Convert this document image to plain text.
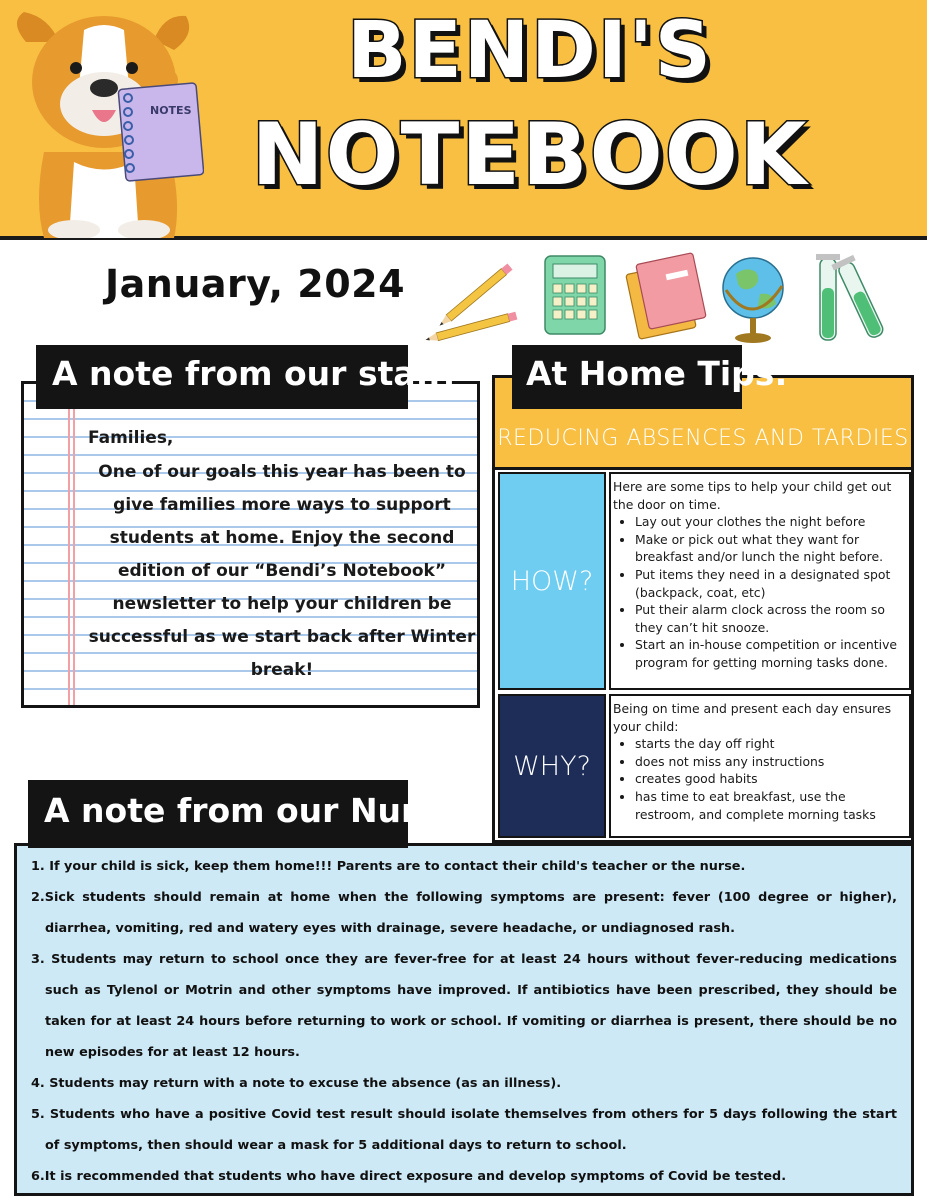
NOTES
BENDI'S
NOTEBOOK
January, 2024
Families,
One of our goals this year has been to give families more ways to support students at home. Enjoy the second edition of our “Bendi’s Notebook” newsletter to help your children be successful as we start back after Winter break!
A note from our staff:
REDUCING ABSENCES AND TARDIES
HOW?
Here are some tips to help your child get out the door on time.
• Lay out your clothes the night before
• Make or pick out what they want for breakfast and/or lunch the night before.
• Put items they need in a designated spot (backpack, coat, etc)
• Put their alarm clock across the room so they can’t hit snooze.
• Start an in-house competition or incentive program for getting morning tasks done.
WHY?
Being on time and present each day ensures your child:
• starts the day off right
• does not miss any instructions
• creates good habits
• has time to eat breakfast, use the restroom, and complete morning tasks
At Home Tips:
1. If your child is sick, keep them home!!! Parents are to contact their child's teacher or the nurse.
2.Sick students should remain at home when the following symptoms are present: fever (100 degree or higher), diarrhea, vomiting, red and watery eyes with drainage, severe headache, or undiagnosed rash.
3. Students may return to school once they are fever-free for at least 24 hours without fever-reducing medications such as Tylenol or Motrin and other symptoms have improved. If antibiotics have been prescribed, they should be taken for at least 24 hours before returning to work or school. If vomiting or diarrhea is present, there should be no new episodes for at least 12 hours.
4. Students may return with a note to excuse the absence (as an illness).
5. Students who have a positive Covid test result should isolate themselves from others for 5 days following the start of symptoms, then should wear a mask for 5 additional days to return to school.
6.It is recommended that students who have direct exposure and develop symptoms of Covid be tested.
A note from our Nurse:
